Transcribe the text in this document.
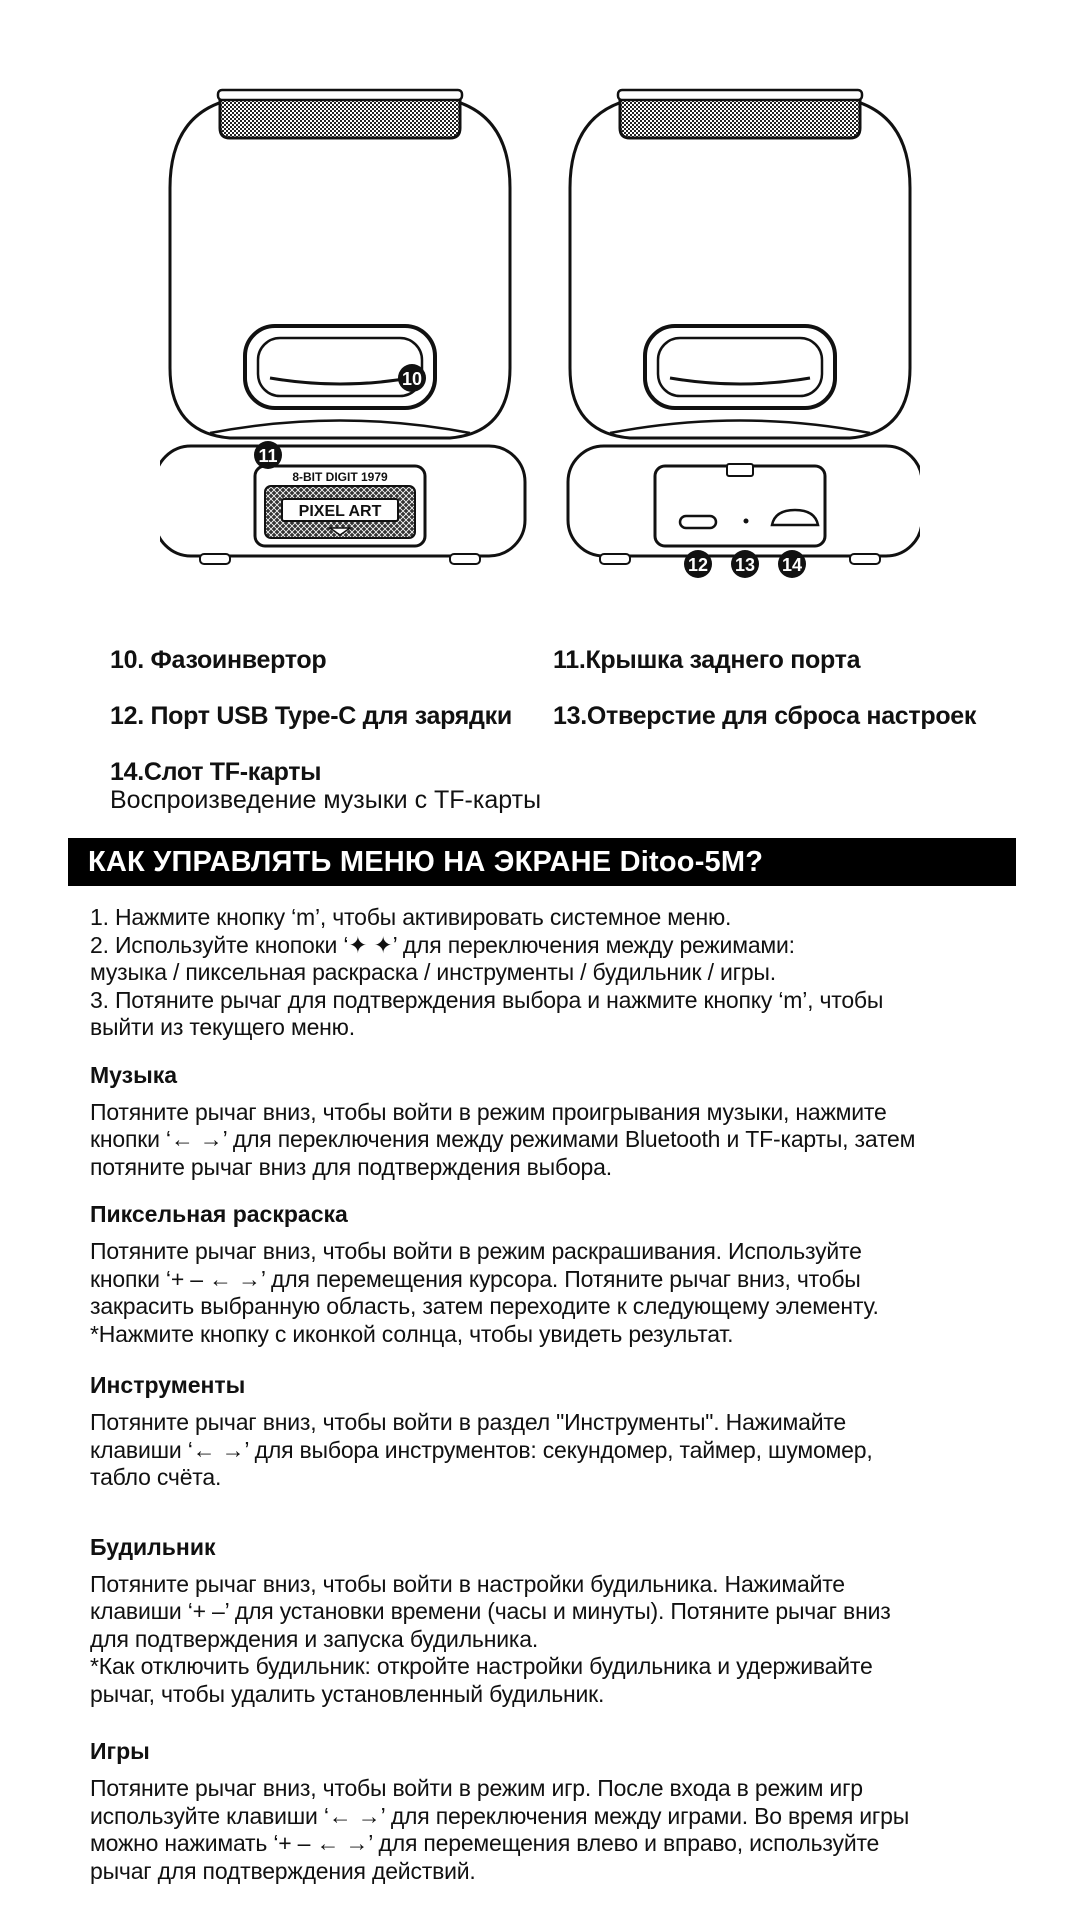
8-BIT DIGIT 1979
PIXEL ART
10
11
12 13 14
10. Фазоинвертор	11.Крышка заднего порта
12. Порт USB Type-C для зарядки	13.Отверстие для сброса настроек
14.Слот TF-карты
Воспроизведение музыки с TF-карты
КАК УПРАВЛЯТЬ МЕНЮ НА ЭКРАНЕ Ditoo-5M?

1. Нажмите кнопку ‘m’, чтобы активировать системное меню.

2. Используйте кнопоки ‘✦ ✦’ для переключения между режимами:

музыка / пиксельная раскраска / инструменты / будильник / игры.

3. Потяните рычаг для подтверждения выбора и нажмите кнопку ‘m’, чтобы

выйти из текущего меню.

Музыка

Потяните рычаг вниз, чтобы войти в режим проигрывания музыки, нажмите

кнопки ‘← →’ для переключения между режимами Bluetooth и TF-карты, затем

потяните рычаг вниз для подтверждения выбора.

Пиксельная раскраска

Потяните рычаг вниз, чтобы войти в режим раскрашивания. Используйте

кнопки ‘+ – ← →’ для перемещения курсора. Потяните рычаг вниз, чтобы

закрасить выбранную область, затем переходите к следующему элементу.

*Нажмите кнопку с иконкой солнца, чтобы увидеть результат.

Инструменты

Потяните рычаг вниз, чтобы войти в раздел "Инструменты". Нажимайте

клавиши ‘← →’ для выбора инструментов: секундомер, таймер, шумомер,

табло счёта.

Будильник

Потяните рычаг вниз, чтобы войти в настройки будильника. Нажимайте

клавиши ‘+ –’ для установки времени (часы и минуты). Потяните рычаг вниз

для подтверждения и запуска будильника.

*Как отключить будильник: откройте настройки будильника и удерживайте

рычаг, чтобы удалить установленный будильник.

Игры

Потяните рычаг вниз, чтобы войти в режим игр. После входа в режим игр

используйте клавиши ‘← →’ для переключения между играми. Во время игры

можно нажимать ‘+ – ← →’ для перемещения влево и вправо, используйте

рычаг для подтверждения действий.
